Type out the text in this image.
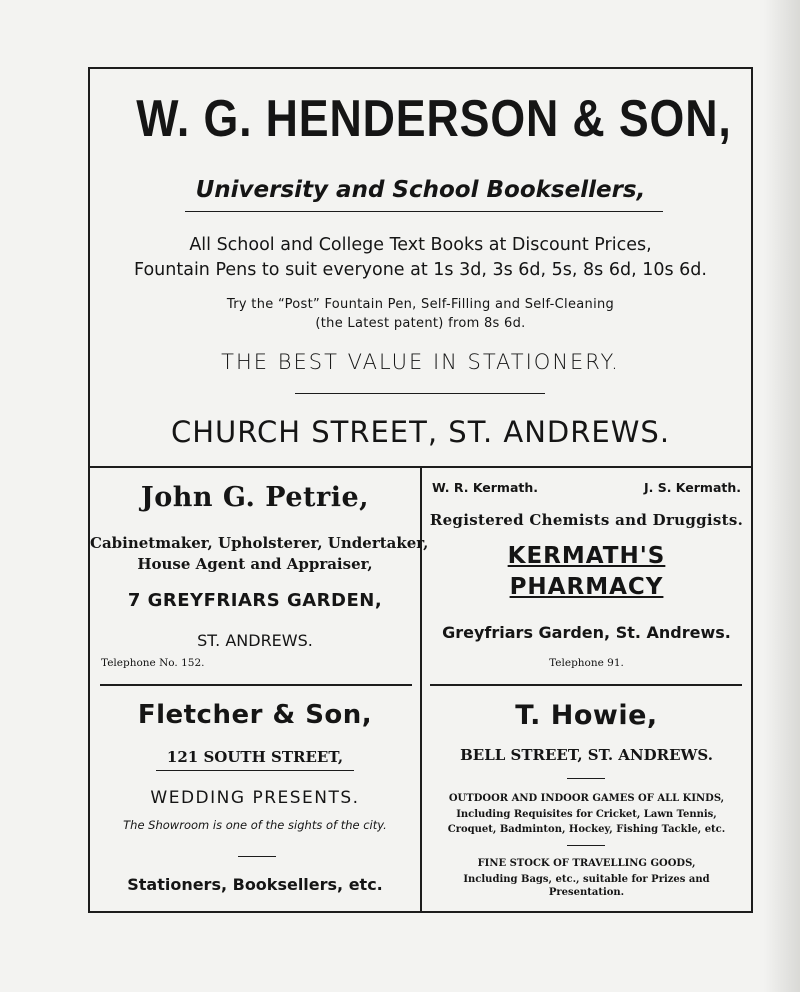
W. G. HENDERSON & SON,
University and School Booksellers,
All School and College Text Books at Discount Prices,
Fountain Pens to suit everyone at 1s 3d, 3s 6d, 5s, 8s 6d, 10s 6d.
Try the “Post” Fountain Pen, Self-Filling and Self-Cleaning
(the Latest patent) from 8s 6d.
THE BEST VALUE IN STATIONERY.
CHURCH STREET, ST. ANDREWS.
John G. Petrie,
Cabinetmaker, Upholsterer, Undertaker,
House Agent and Appraiser,
7 GREYFRIARS GARDEN,
ST. ANDREWS.
Telephone No. 152.
W. R. Kermath.	J. S. Kermath.
Registered Chemists and Druggists.
KERMATH'S
PHARMACY
Greyfriars Garden, St. Andrews.
Telephone 91.
Fletcher & Son,
121 SOUTH STREET,
WEDDING PRESENTS.
The Showroom is one of the sights of the city.
Stationers, Booksellers, etc.
T. Howie,
BELL STREET, ST. ANDREWS.
OUTDOOR AND INDOOR GAMES OF ALL KINDS,
Including Requisites for Cricket, Lawn Tennis,
Croquet, Badminton, Hockey, Fishing Tackle, etc.
FINE STOCK OF TRAVELLING GOODS,
Including Bags, etc., suitable for Prizes and
Presentation.
